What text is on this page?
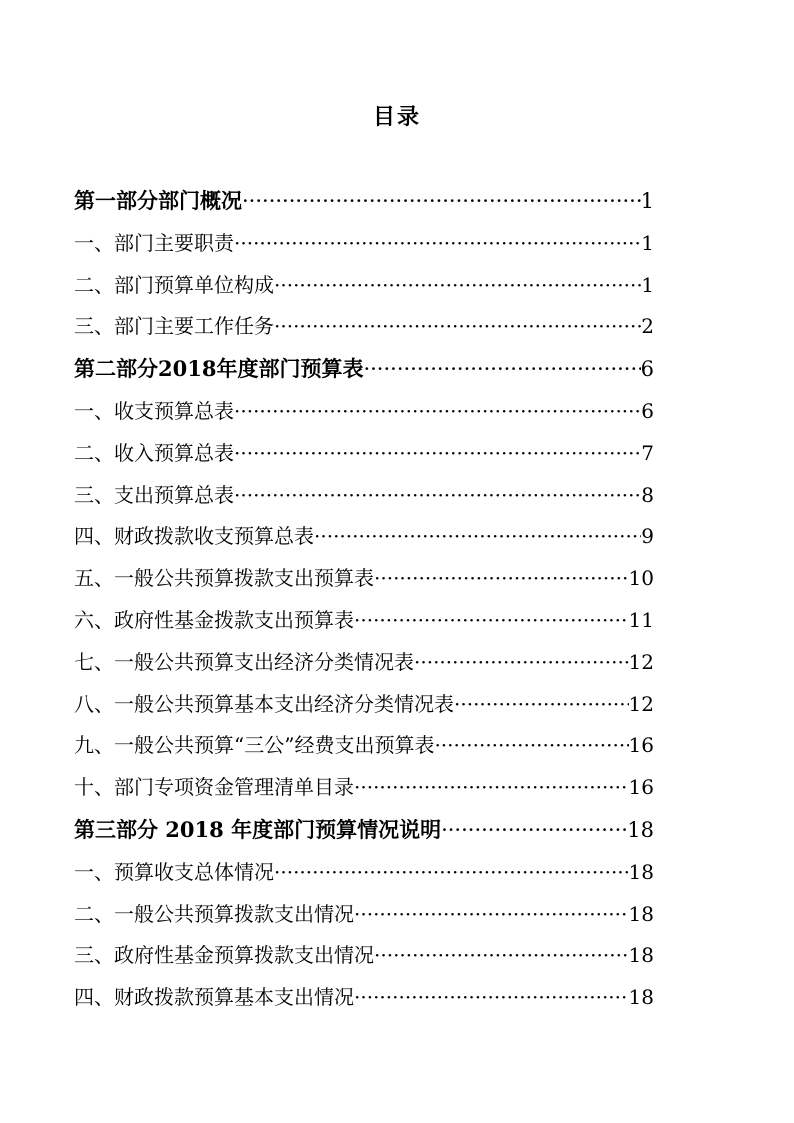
目录
第一部分部门概况 ·····	1
一、部门主要职责 ·····	1
二、部门预算单位构成 ·····	1
三、部门主要工作任务 ·····	2
第二部分2018年度部门预算表 ·····	6
一、收支预算总表 ·····	6
二、收入预算总表 ·····	7
三、支出预算总表 ·····	8
四、财政拨款收支预算总表 ·····	9
五、一般公共预算拨款支出预算表 ·····	10
六、政府性基金拨款支出预算表 ·····	11
七、一般公共预算支出经济分类情况表 ·····	12
八、一般公共预算基本支出经济分类情况表 ·····	12
九、一般公共预算“三公”经费支出预算表 ·····	16
十、部门专项资金管理清单目录 ·····	16
第三部分 2018 年度部门预算情况说明 ·····	18
一、预算收支总体情况 ·····	18
二、一般公共预算拨款支出情况 ·····	18
三、政府性基金预算拨款支出情况 ·····	18
四、财政拨款预算基本支出情况 ·····	18
